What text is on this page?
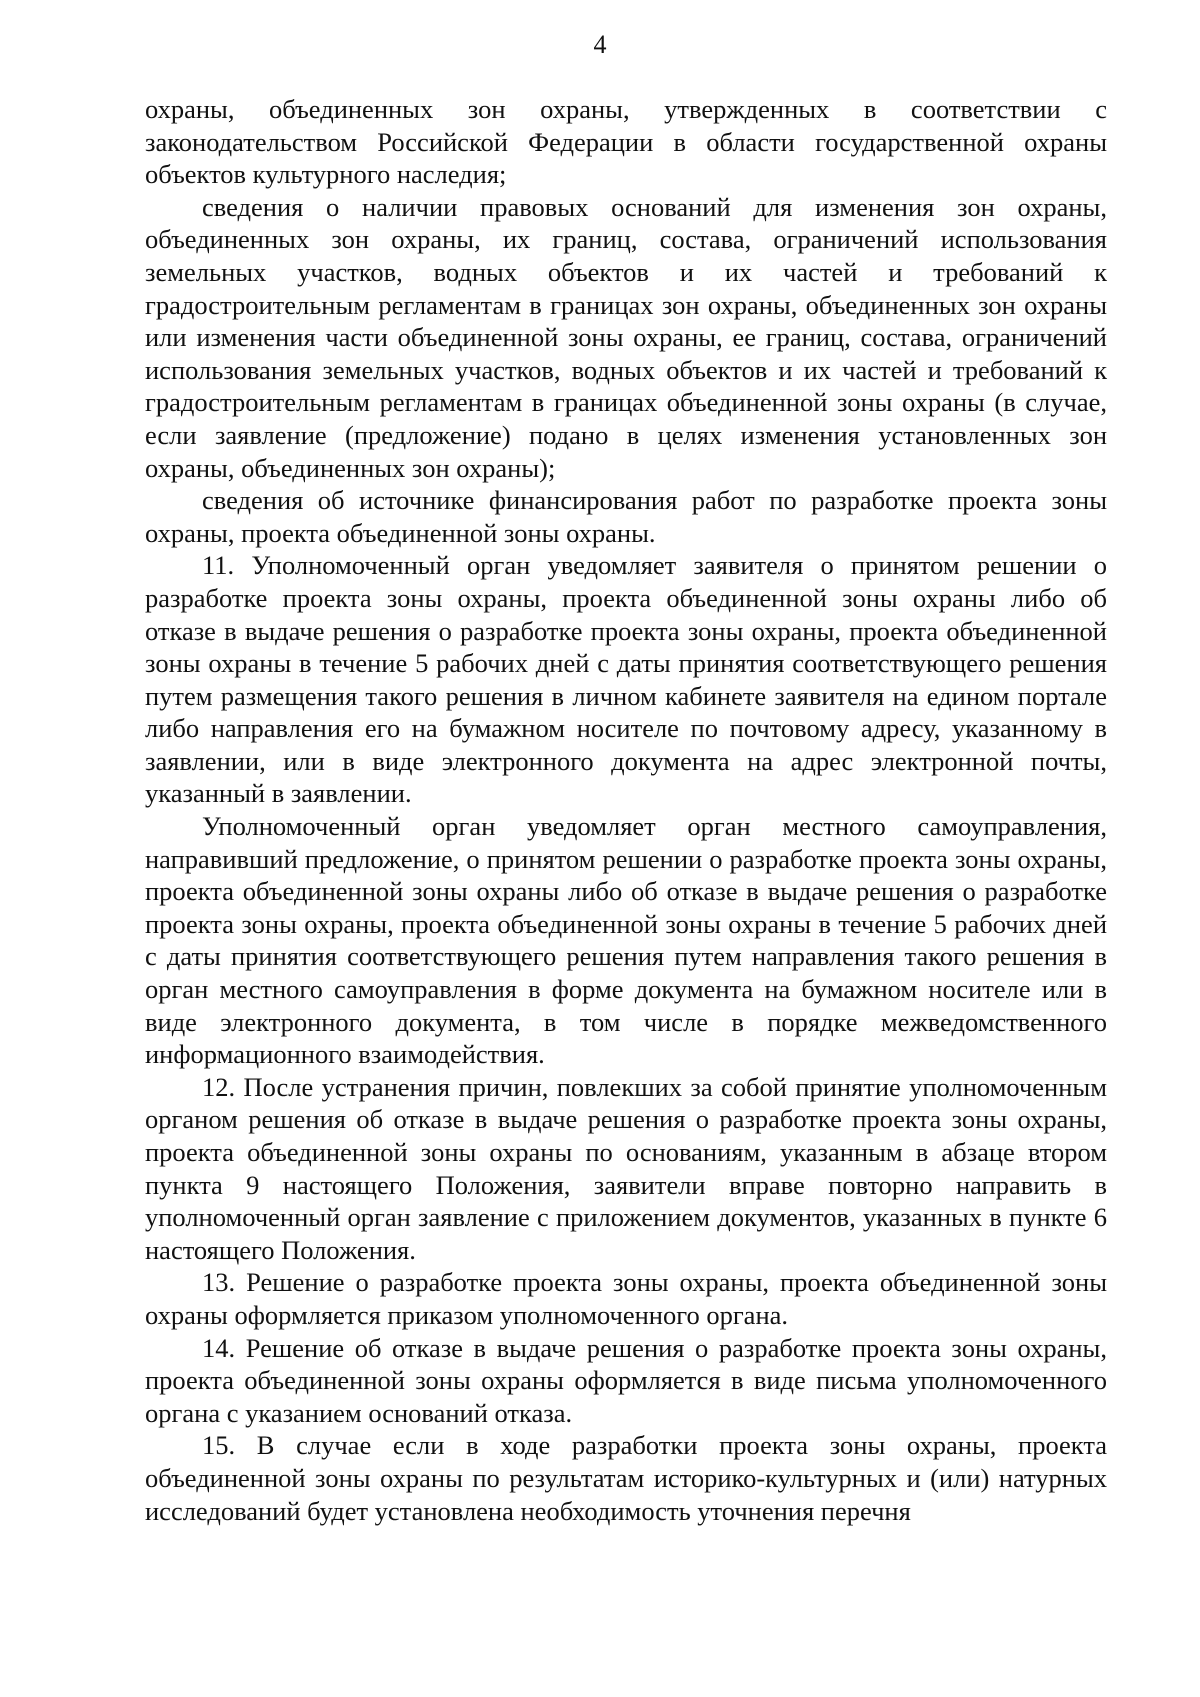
4

охраны, объединенных зон охраны, утвержденных в соответствии с законодательством Российской Федерации в области государственной охраны объектов культурного наследия;

сведения о наличии правовых оснований для изменения зон охраны, объединенных зон охраны, их границ, состава, ограничений использования земельных участков, водных объектов и их частей и требований к градостроительным регламентам в границах зон охраны, объединенных зон охраны или изменения части объединенной зоны охраны, ее границ, состава, ограничений использования земельных участков, водных объектов и их частей и требований к градостроительным регламентам в границах объединенной зоны охраны (в случае, если заявление (предложение) подано в целях изменения установленных зон охраны, объединенных зон охраны);

сведения об источнике финансирования работ по разработке проекта зоны охраны, проекта объединенной зоны охраны.

11. Уполномоченный орган уведомляет заявителя о принятом решении о разработке проекта зоны охраны, проекта объединенной зоны охраны либо об отказе в выдаче решения о разработке проекта зоны охраны, проекта объединенной зоны охраны в течение 5 рабочих дней с даты принятия соответствующего решения путем размещения такого решения в личном кабинете заявителя на едином портале либо направления его на бумажном носителе по почтовому адресу, указанному в заявлении, или в виде электронного документа на адрес электронной почты, указанный в заявлении.

Уполномоченный орган уведомляет орган местного самоуправления, направивший предложение, о принятом решении о разработке проекта зоны охраны, проекта объединенной зоны охраны либо об отказе в выдаче решения о разработке проекта зоны охраны, проекта объединенной зоны охраны в течение 5 рабочих дней с даты принятия соответствующего решения путем направления такого решения в орган местного самоуправления в форме документа на бумажном носителе или в виде электронного документа, в том числе в порядке межведомственного информационного взаимодействия.

12. После устранения причин, повлекших за собой принятие уполномоченным органом решения об отказе в выдаче решения о разработке проекта зоны охраны, проекта объединенной зоны охраны по основаниям, указанным в абзаце втором пункта 9 настоящего Положения, заявители вправе повторно направить в уполномоченный орган заявление с приложением документов, указанных в пункте 6 настоящего Положения.

13. Решение о разработке проекта зоны охраны, проекта объединенной зоны охраны оформляется приказом уполномоченного органа.

14. Решение об отказе в выдаче решения о разработке проекта зоны охраны, проекта объединенной зоны охраны оформляется в виде письма уполномоченного органа с указанием оснований отказа.

15. В случае если в ходе разработки проекта зоны охраны, проекта объединенной зоны охраны по результатам историко-культурных и (или) натурных исследований будет установлена необходимость уточнения перечня
